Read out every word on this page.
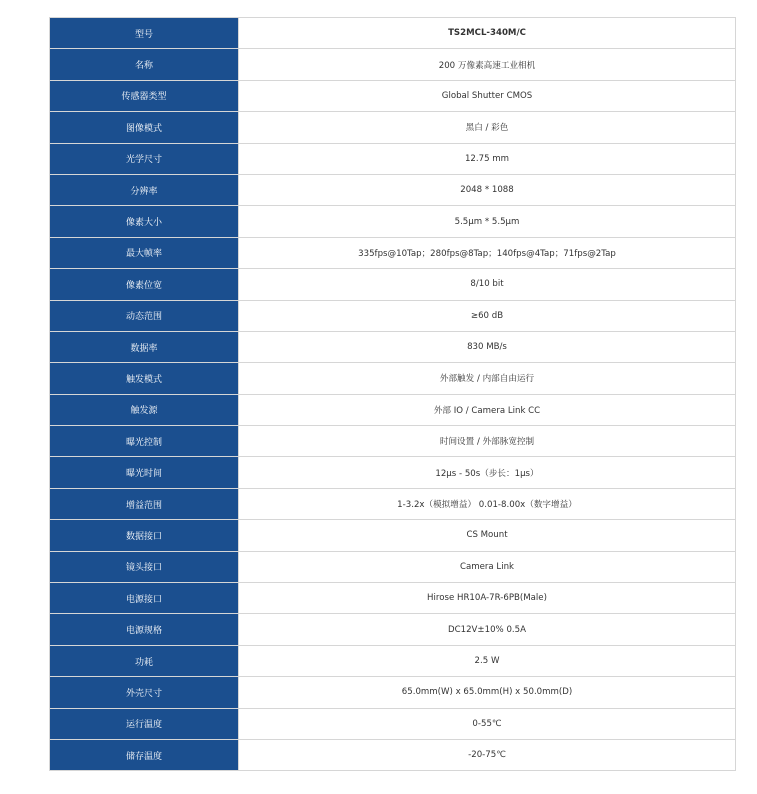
型号	TS2MCL-340M/C
名称	200 万像素高速工业相机
传感器类型	Global Shutter CMOS
图像模式	黑白 / 彩色
光学尺寸	12.75 mm
分辨率	2048 * 1088
像素大小	5.5μm * 5.5μm
最大帧率	335fps@10Tap；280fps@8Tap；140fps@4Tap；71fps@2Tap
像素位宽	8/10 bit
动态范围	≥60 dB
数据率	830 MB/s
触发模式	外部触发 / 内部自由运行
触发源	外部 IO / Camera Link CC
曝光控制	时间设置 / 外部脉宽控制
曝光时间	12μs - 50s（步长：1μs）
增益范围	1-3.2x（模拟增益） 0.01-8.00x（数字增益）
数据接口	CS Mount
镜头接口	Camera Link
电源接口	Hirose HR10A-7R-6PB(Male)
电源规格	DC12V±10% 0.5A
功耗	2.5 W
外壳尺寸	65.0mm(W) x 65.0mm(H) x 50.0mm(D)
运行温度	0-55℃
储存温度	-20-75℃
